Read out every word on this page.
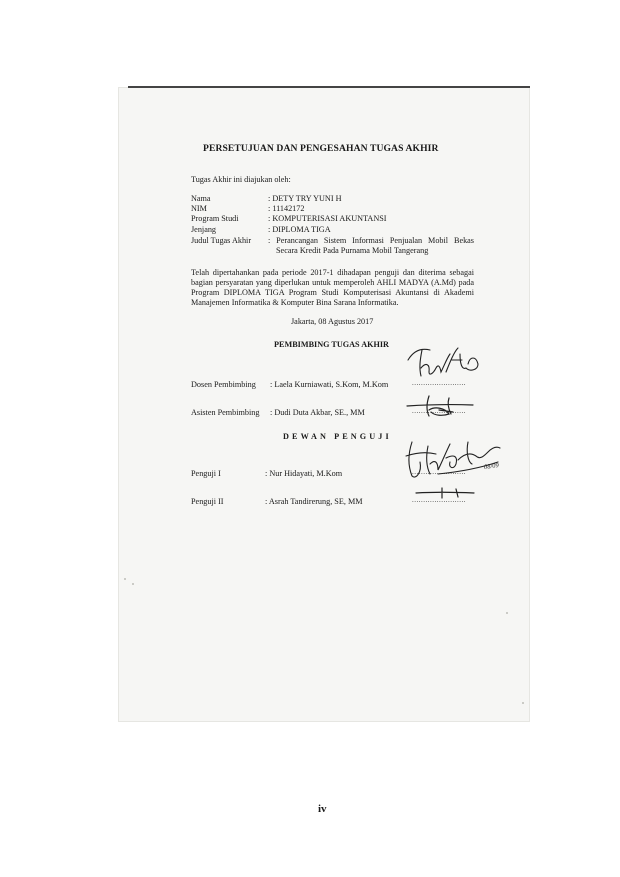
PERSETUJUAN DAN PENGESAHAN TUGAS AKHIR
Tugas Akhir ini diajukan oleh:
Nama	: DETY TRY YUNI H
NIM	: 11142172
Program Studi	: KOMPUTERISASI AKUNTANSI
Jenjang	: DIPLOMA TIGA
Judul Tugas Akhir : Perancangan Sistem Informasi Penjualan Mobil Bekas
Secara Kredit Pada Purnama Mobil Tangerang
Telah dipertahankan pada periode 2017-1 dihadapan penguji dan diterima sebagai bagian persyaratan yang diperlukan untuk memperoleh AHLI MADYA (A.Md) pada Program DIPLOMA TIGA Program Studi Komputerisasi Akuntansi di Akademi Manajemen Informatika & Komputer Bina Sarana Informatika.
Jakarta, 08 Agustus 2017
PEMBIMBING TUGAS AKHIR
Dosen Pembimbing : Laela Kurniawati, S.Kom, M.Kom	........................
Asisten Pembimbing : Dudi Duta Akbar, SE., MM	........................
DEWAN PENGUJI
Penguji I	: Nur Hidayati, M.Kom	........................
Penguji II	: Asrah Tandirerung, SE, MM	........................
08/09
iv
